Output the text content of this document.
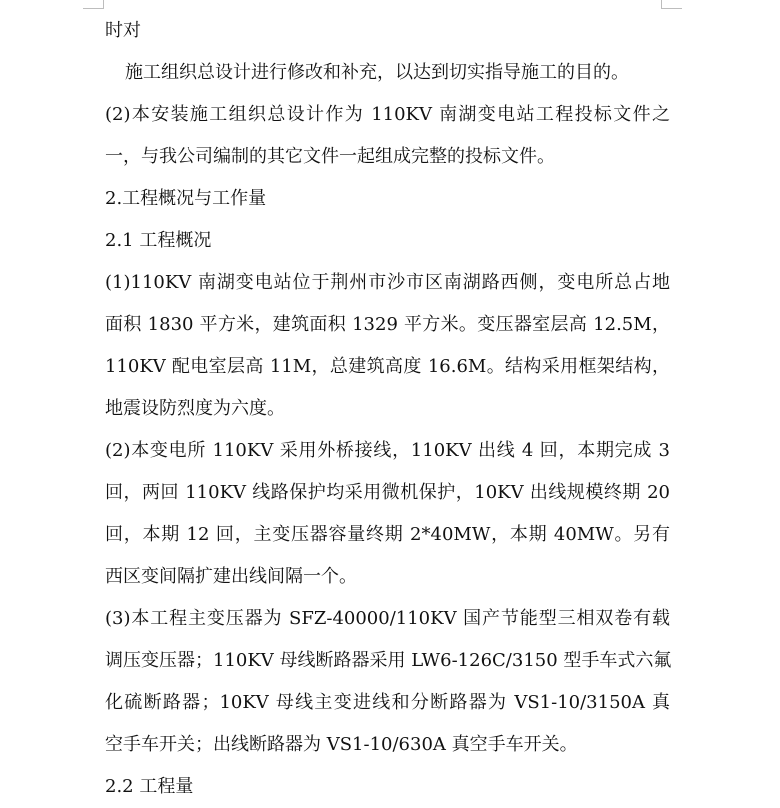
时对
施工组织总设计进行修改和补充，以达到切实指导施工的目的。
(2)本安装施工组织总设计作为 110KV 南湖变电站工程投标文件之
一，与我公司编制的其它文件一起组成完整的投标文件。
2.工程概况与工作量
2.1 工程概况
(1)110KV 南湖变电站位于荆州市沙市区南湖路西侧，变电所总占地
面积 1830 平方米，建筑面积 1329 平方米。变压器室层高 12.5M，
110KV 配电室层高 11M，总建筑高度 16.6M。结构采用框架结构，
地震设防烈度为六度。
(2)本变电所 110KV 采用外桥接线，110KV 出线 4 回，本期完成 3
回，两回 110KV 线路保护均采用微机保护，10KV 出线规模终期 20
回，本期 12 回，主变压器容量终期 2*40MW，本期 40MW。另有
西区变间隔扩建出线间隔一个。
(3)本工程主变压器为 SFZ-40000/110KV 国产节能型三相双卷有载
调压变压器；110KV 母线断路器采用 LW6-126C/3150 型手车式六氟
化硫断路器；10KV 母线主变进线和分断路器为 VS1-10/3150A 真
空手车开关；出线断路器为 VS1-10/630A 真空手车开关。
2.2 工程量
